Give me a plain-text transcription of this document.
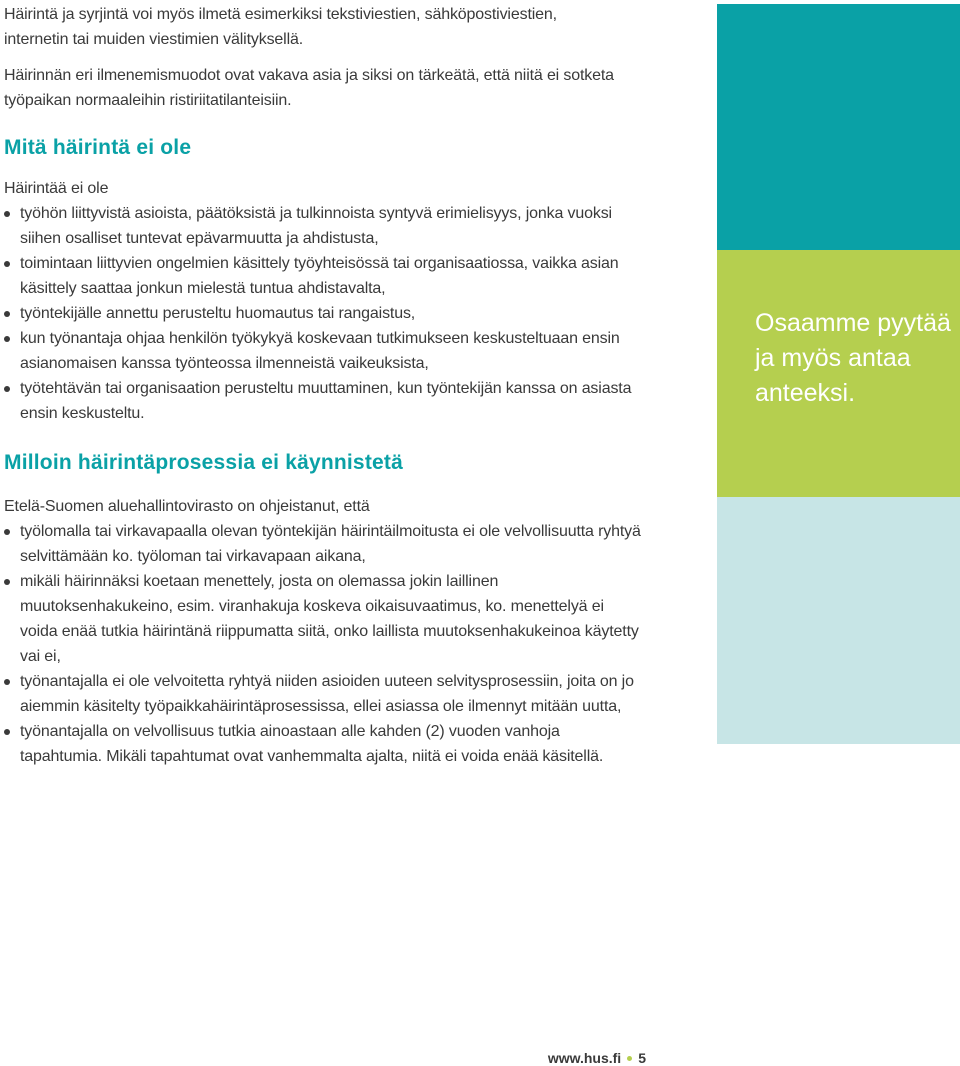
Häirintä ja syrjintä voi myös ilmetä esimerkiksi tekstiviestien, sähköpostiviestien, internetin tai muiden viestimien välityksellä.

Häirinnän eri ilmenemismuodot ovat vakava asia ja siksi on tärkeätä, että niitä ei sotketa työpaikan normaaleihin ristiriitatilanteisiin.

Mitä häirintä ei ole

Häirintää ei ole

työhön liittyvistä asioista, päätöksistä ja tulkinnoista syntyvä erimielisyys, jonka vuoksi siihen osalliset tuntevat epävarmuutta ja ahdistusta,
toimintaan liittyvien ongelmien käsittely työyhteisössä tai organisaatiossa, vaikka asian käsittely saattaa jonkun mielestä tuntua ahdistavalta,
työntekijälle annettu perusteltu huomautus tai rangaistus,
kun työnantaja ohjaa henkilön työkykyä koskevaan tutkimukseen keskusteltuaan ensin asianomaisen kanssa työnteossa ilmenneistä vaikeuksista,
työtehtävän tai organisaation perusteltu muuttaminen, kun työntekijän kanssa on asiasta ensin keskusteltu.
Milloin häirintäprosessia ei käynnistetä

Etelä-Suomen aluehallintovirasto on ohjeistanut, että

työlomalla tai virkavapaalla olevan työntekijän häirintäilmoitusta ei ole velvollisuutta ryhtyä selvittämään ko. työloman tai virkavapaan aikana,
mikäli häirinnäksi koetaan menettely, josta on olemassa jokin laillinen muutoksenhakukeino, esim. viranhakuja koskeva oikaisuvaatimus, ko. menettelyä ei voida enää tutkia häirintänä riippumatta siitä, onko laillista muutoksenhakukeinoa käytetty vai ei,
työnantajalla ei ole velvoitetta ryhtyä niiden asioiden uuteen selvitysprosessiin, joita on jo aiemmin käsitelty työpaikkahäirintäprosessissa, ellei asiassa ole ilmennyt mitään uutta,
työnantajalla on velvollisuus tutkia ainoastaan alle kahden (2) vuoden vanhoja tapahtumia. Mikäli tapahtumat ovat vanhemmalta ajalta, niitä ei voida enää käsitellä.

Osaamme pyytää ja myös antaa anteeksi.

www.hus.fi 5
